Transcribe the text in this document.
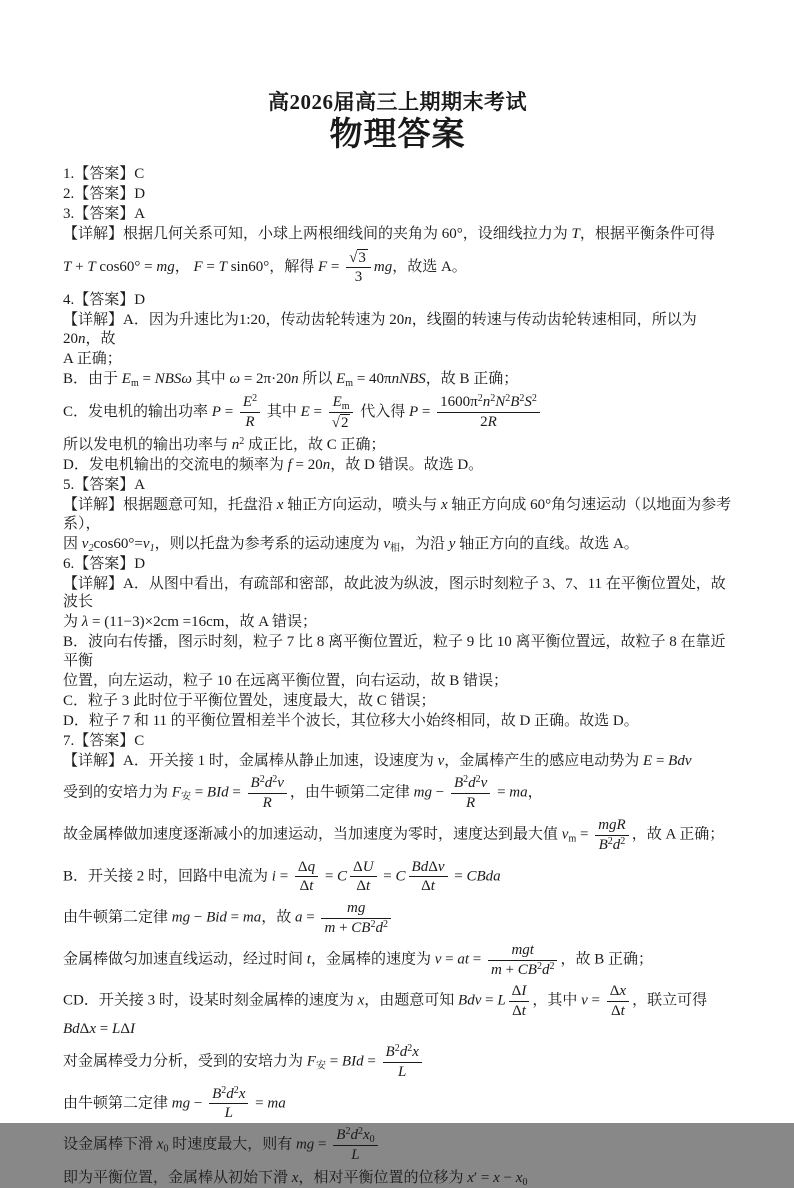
高2026届高三上期期末考试
物理答案

1.【答案】C

2.【答案】D

3.【答案】A

【详解】根据几何关系可知，小球上两根细线间的夹角为 60°，设细线拉力为 T，根据平衡条件可得

T + T cos60° = mg， F = T sin60°，解得 $F = \frac{√3}{3}$ mg，故选 A。

4.【答案】D

【详解】A．因为升速比为1:20，传动齿轮转速为 20n，线圈的转速与传动齿轮转速相同，所以为 20n，故

A 正确；

B．由于 $E_m = NBS\omega$ 其中 ω = 2π·20n 所以 $E_m$ = 40πnNBS，故 B 正确；

C．发电机的输出功率 $P = \frac{E^2}{R}$ 其中 $E = \frac{E_m}{√2}$ 代入得 $P = \frac{1600\pi^2n^2N^2B^2S^2}{2R}$

所以发电机的输出功率与 $n^2$ 成正比，故 C 正确；

D．发电机输出的交流电的频率为 f = 20n，故 D 错误。故选 D。

5.【答案】A

【详解】根据题意可知，托盘沿 x 轴正方向运动，喷头与 x 轴正方向成 60°角匀速运动（以地面为参考系），

因 $v_2\cos 60^\circ=v_1$，则以托盘为参考系的运动速度为 $v_相$，为沿 y 轴正方向的直线。故选 A。

6.【答案】D

【详解】A．从图中看出，有疏部和密部，故此波为纵波，图示时刻粒子 3、7、11 在平衡位置处，故波长

为 λ = (11−3)×2cm =16cm，故 A 错误；

B．波向右传播，图示时刻，粒子 7 比 8 离平衡位置近，粒子 9 比 10 离平衡位置远，故粒子 8 在靠近平衡

位置，向左运动，粒子 10 在远离平衡位置，向右运动，故 B 错误；

C．粒子 3 此时位于平衡位置处，速度最大，故 C 错误；

D．粒子 7 和 11 的平衡位置相差半个波长，其位移大小始终相同，故 D 正确。故选 D。

7.【答案】C

【详解】A．开关接 1 时，金属棒从静止加速，设速度为 v，金属棒产生的感应电动势为 E = Bdv

受到的安培力为 $F_安$ = BId = $\frac{B^2d^2v}{R}$ ，由牛顿第二定律 mg − $\frac{B^2d^2v}{R}$ = ma，

故金属棒做加速度逐渐减小的加速运动，当加速度为零时，速度达到最大值 $v_m = \frac{\text{mgR}}{B^2d^2}$ ，故 A 正确；

B．开关接 2 时，回路中电流为 $i = \frac{\Delta q}{\Delta t} = C \frac{\Delta U}{\Delta t} = C \frac{\text{BdΔv}}{\Delta t}$ = CBda

由牛顿第二定律 mg − Bid = ma，故 $a = \frac{mg}{m + CB^2d^2}$

金属棒做匀加速直线运动，经过时间 t，金属棒的速度为 v = at = $\frac{\text{mgt}}{m + CB^2d^2}$ ，故 B 正确；

CD．开关接 3 时，设某时刻金属棒的速度为 x，由题意可知 Bdv = L $\frac{\Delta I}{\Delta t}$ ，其中 $v = \frac{\Delta x}{\Delta t}$ ，联立可得 BdΔx = LΔI

对金属棒受力分析，受到的安培力为 $F_安$ = BId = $\frac{B^2d^2x}{L}$

由牛顿第二定律 mg − $\frac{B^2d^2x}{L}$ = ma

设金属棒下滑 $x_0$ 时速度最大，则有 mg = $\frac{B^2d^2x_0}{L}$

即为平衡位置，金属棒从初始下滑 x，相对平衡位置的位移为 $x' = x - x_0$
